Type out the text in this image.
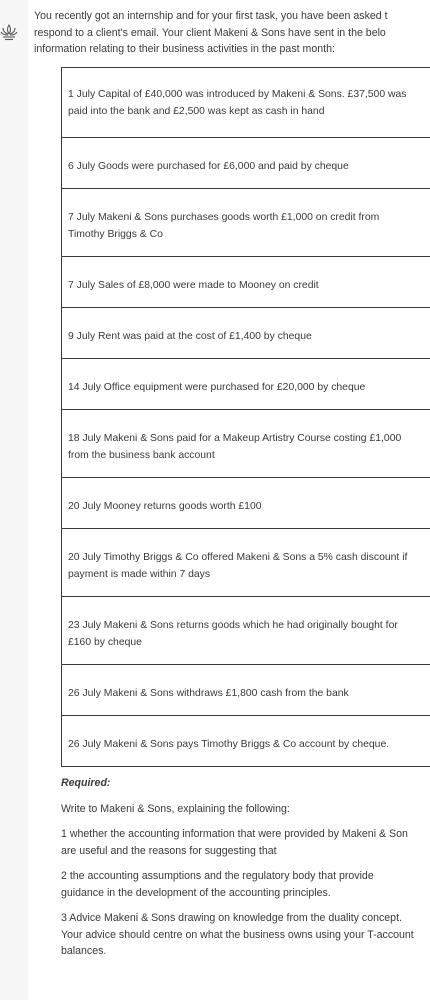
You recently got an internship and for your first task, you have been asked t
respond to a client's email. Your client Makeni & Sons have sent in the belo
information relating to their business activities in the past month:
1 July Capital of £40,000 was introduced by Makeni & Sons. £37,500 was
paid into the bank and £2,500 was kept as cash in hand
6 July Goods were purchased for £6,000 and paid by cheque
7 July Makeni & Sons purchases goods worth £1,000 on credit from
Timothy Briggs & Co
7 July Sales of £8,000 were made to Mooney on credit
9 July Rent was paid at the cost of £1,400 by cheque
14 July Office equipment were purchased for £20,000 by cheque
18 July Makeni & Sons paid for a Makeup Artistry Course costing £1,000
from the business bank account
20 July Mooney returns goods worth £100
20 July Timothy Briggs & Co offered Makeni & Sons a 5% cash discount if
payment is made within 7 days
23 July Makeni & Sons returns goods which he had originally bought for
£160 by cheque
26 July Makeni & Sons withdraws £1,800 cash from the bank
26 July Makeni & Sons pays Timothy Briggs & Co account by cheque.
Required:

Write to Makeni & Sons, explaining the following:

1 whether the accounting information that were provided by Makeni & Son
are useful and the reasons for suggesting that

2 the accounting assumptions and the regulatory body that provide
guidance in the development of the accounting principles.

3 Advice Makeni & Sons drawing on knowledge from the duality concept.
Your advice should centre on what the business owns using your T-account
balances.
